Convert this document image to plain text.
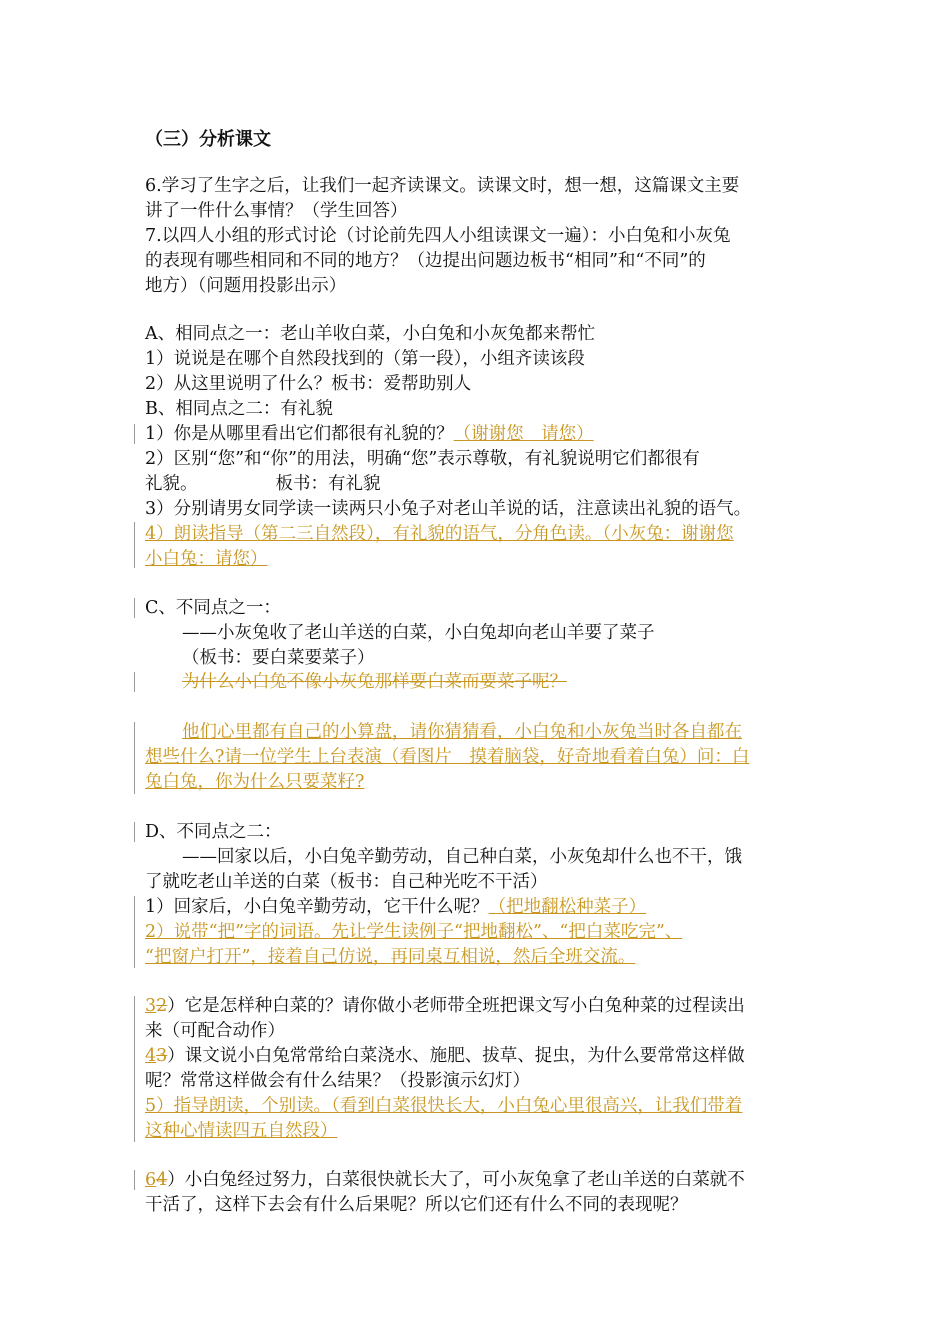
（三）分析课文
6.学习了生字之后，让我们一起齐读课文。读课文时，想一想，这篇课文主要
讲了一件什么事情？（学生回答）
7.以四人小组的形式讨论（讨论前先四人小组读课文一遍）：小白兔和小灰兔
的表现有哪些相同和不同的地方？（边提出问题边板书“相同”和“不同”的
地方）（问题用投影出示）
A、相同点之一：老山羊收白菜，小白兔和小灰兔都来帮忙
1）说说是在哪个自然段找到的（第一段），小组齐读该段
2）从这里说明了什么？板书：爱帮助别人
B、相同点之二：有礼貌
1）你是从哪里看出它们都很有礼貌的？（谢谢您　请您）
2）区别“您”和“你”的用法，明确“您”表示尊敬，有礼貌说明它们都很有
礼貌。	板书：有礼貌
3）分别请男女同学读一读两只小兔子对老山羊说的话，注意读出礼貌的语气。
4）朗读指导（第二三自然段），有礼貌的语气，分角色读。（小灰兔：谢谢您
小白兔：请您）
C、不同点之一：
——小灰兔收了老山羊送的白菜，小白兔却向老山羊要了菜子
（板书：要白菜要菜子）
为什么小白兔不像小灰兔那样要白菜而要菜子呢？
他们心里都有自己的小算盘，请你猜猜看，小白兔和小灰兔当时各自都在
想些什么?请一位学生上台表演（看图片　摸着脑袋，好奇地看着白兔）问：白
兔白兔，你为什么只要菜籽?
D、不同点之二：
——回家以后，小白兔辛勤劳动，自己种白菜，小灰兔却什么也不干，饿
了就吃老山羊送的白菜（板书：自己种光吃不干活）
1）回家后，小白兔辛勤劳动，它干什么呢？（把地翻松种菜子）
2）说带“把”字的词语。先让学生读例子“把地翻松”、“把白菜吃完”、
“把窗户打开”，接着自己仿说，再同桌互相说，然后全班交流。
32）它是怎样种白菜的？请你做小老师带全班把课文写小白兔种菜的过程读出
来（可配合动作）
43）课文说小白兔常常给白菜浇水、施肥、拔草、捉虫，为什么要常常这样做
呢？常常这样做会有什么结果？（投影演示幻灯）
5）指导朗读，个别读。（看到白菜很快长大，小白兔心里很高兴，让我们带着
这种心情读四五自然段）
64）小白兔经过努力，白菜很快就长大了，可小灰兔拿了老山羊送的白菜就不
干活了，这样下去会有什么后果呢？所以它们还有什么不同的表现呢？
